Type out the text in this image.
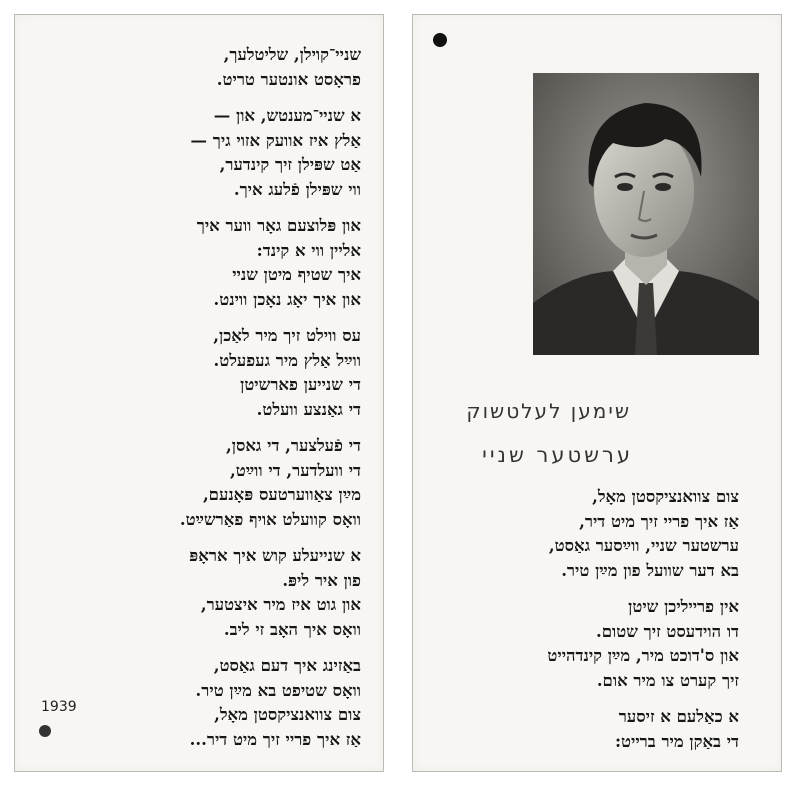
שניי־קוילן, שליטלעך,
פראָסט אונטער טריט.
א שניי־מענטש, און —
אַלץ איז אוועק אזוי גיך —
אַט שפּילן זיך קינדער,
ווי שפּילן פֿלעג איך.
און פּלוצעם גאָר ווער איך
אליין ווי א קינד:
איך שטיף מיטן שניי
און איך יאָג נאָכן ווינט.
עס ווילט זיך מיר לאַכן,
ווײַל אַלץ מיר געפעלט.
די שנייען פארשיטן
די גאַנצע וועלט.
די פֿעלצער, די גאסן,
די וועלדער, די ווײַט,
מײַן צאַווערטעס פּאָנעם,
וואָס קוועלט אויף פאַרשײַט.
א שנייעלע קוש איך אראָפּ
פון איר ליפּ.
און גוט איז מיר איצטער,
וואָס איך האָב זי ליב.
באַזינג איך דעם גאַסט,
וואָס שטיפט בא מײַן טיר.
צום צוואנציקסטן מאָל,
אַז איך פריי זיך מיט דיר...
1939
שימען לעלטשוק
ערשטער שניי
צום צוואנציקסטן מאָל,
אַז איך פריי זיך מיט דיר,
ערשטער שניי, ווײַסער גאַסט,
בא דער שוועל פון מײַן טיר.
אין פרייליכן שיטן
דו הוידעסט זיך שטום.
און ס'דוכט מיר, מײַן קינדהייט
זיך קערט צו מיר אום.
א כאַלעם א זיסער
די באַקן מיר ברייט:
